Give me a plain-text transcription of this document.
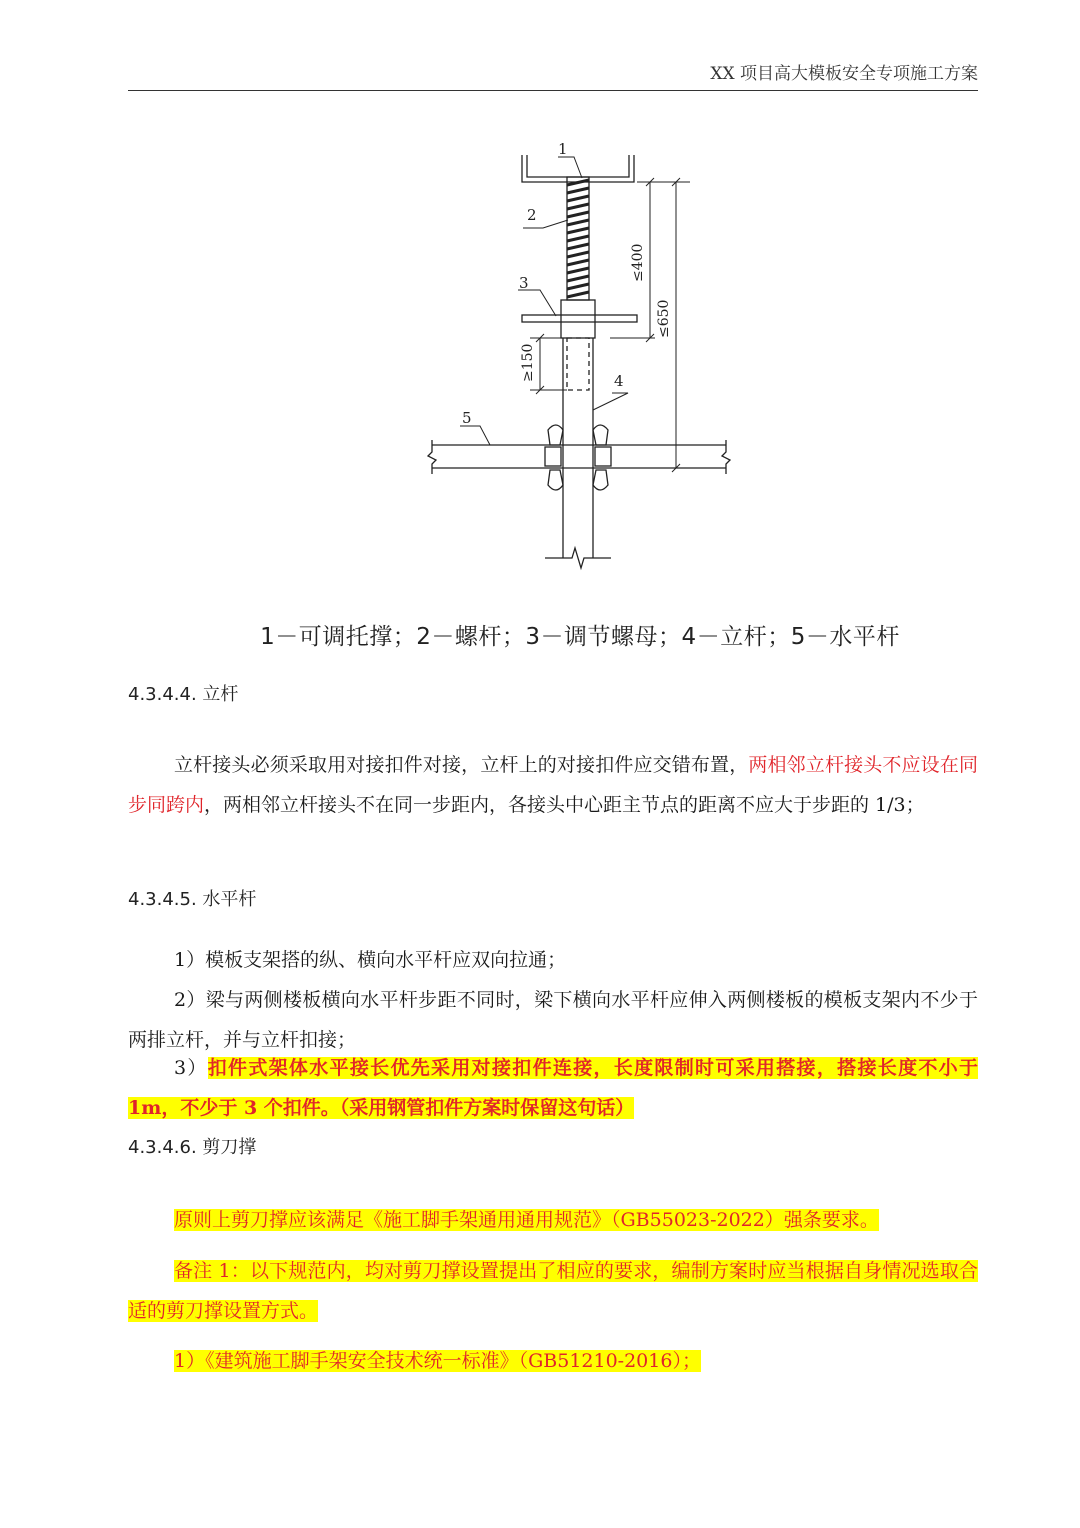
XX 项目高大模板安全专项施工方案
1
2
3
4
5
≤400
≤650
≥150
1－可调托撑；2－螺杆；3－调节螺母；4－立杆；5－水平杆
4.3.4.4. 立杆
立杆接头必须采取用对接扣件对接，立杆上的对接扣件应交错布置，两相邻立杆接头不应设在同步同跨内，两相邻立杆接头不在同一步距内，各接头中心距主节点的距离不应大于步距的 1/3；
4.3.4.5. 水平杆
1）模板支架搭的纵、横向水平杆应双向拉通；
2）梁与两侧楼板横向水平杆步距不同时，梁下横向水平杆应伸入两侧楼板的模板支架内不少于两排立杆，并与立杆扣接；
3）扣件式架体水平接长优先采用对接扣件连接，长度限制时可采用搭接，搭接长度不小于 1m，不少于 3 个扣件。（采用钢管扣件方案时保留这句话）
4.3.4.6. 剪刀撑
原则上剪刀撑应该满足《施工脚手架通用通用规范》（GB55023-2022）强条要求。
备注 1：以下规范内，均对剪刀撑设置提出了相应的要求，编制方案时应当根据自身情况选取合适的剪刀撑设置方式。
1）《建筑施工脚手架安全技术统一标准》（GB51210-2016）；
